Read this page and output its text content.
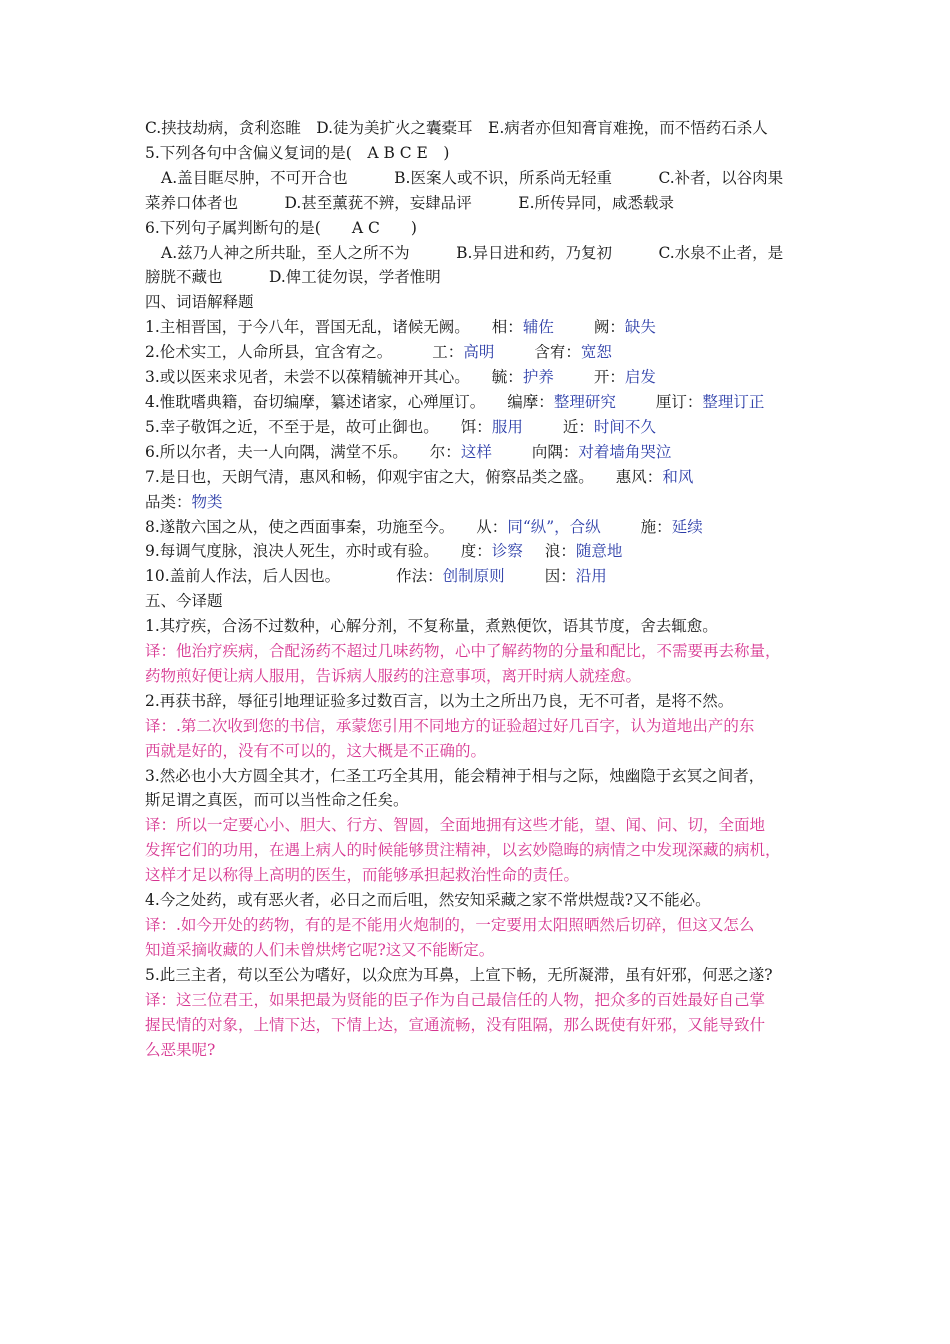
C.挟技劫病，贪利恣睢　D.徒为美扩火之囊橐耳　E.病者亦但知膏肓难挽，而不悟药石杀人
5.下列各句中含偏义复词的是(　A B C E　)
A.盖目眶尽肿，不可开合也　　　B.医案人或不识，所系尚无轻重　　　C.补者，以谷肉果
菜养口体者也　　　D.甚至薰莸不辨，妄肆品评　　　E.所传异同，咸悉载录
6.下列句子属判断句的是(　　A C　　)
A.兹乃人神之所共耻，至人之所不为　　　B.异日进和药，乃复初　　　C.水泉不止者，是
膀胱不藏也　　　D.俾工徒勿误，学者惟明
四、词语解释题
1.主相晋国，于今八年，晋国无乱，诸候无阙。 相：辅佐	阙：缺失
2.伦术实工，人命所县，宜含宥之。	工：高明	含宥：宽恕
3.或以医来求见者，未尝不以葆精毓神开其心。 毓：护养	开：启发
4.惟耽嗜典籍，奋切编摩，纂述诸家，心殚厘订。 编摩：整理研究	厘订：整理订正
5.幸子敬饵之近，不至于是，故可止御也。 饵：服用	近：时间不久
6.所以尔者，夫一人向隅，满堂不乐。 尔：这样	向隅：对着墙角哭泣
7.是日也，天朗气清，惠风和畅，仰观宇宙之大，俯察品类之盛。 惠风：和风
品类：物类
8.遂散六国之从，使之西面事秦，功施至今。 从：同“纵”，合纵	施：延续
9.每调气度脉，浪决人死生，亦时或有验。 度：诊察 浪：随意地
10.盖前人作法，后人因也。	作法：创制原则	因：沿用
五、今译题
1.其疗疾，合汤不过数种，心解分剂，不复称量，煮熟便饮，语其节度，舍去辄愈。
译：他治疗疾病，合配汤药不超过几味药物，心中了解药物的分量和配比，不需要再去称量，
药物煎好便让病人服用，告诉病人服药的注意事项，离开时病人就痊愈。
2.再获书辞，辱征引地理证验多过数百言，以为土之所出乃良，无不可者，是将不然。
译：.第二次收到您的书信，承蒙您引用不同地方的证验超过好几百字，认为道地出产的东
西就是好的，没有不可以的，这大概是不正确的。
3.然必也小大方圆全其才，仁圣工巧全其用，能会精神于相与之际，烛幽隐于玄冥之间者，
斯足谓之真医，而可以当性命之任矣。
译：所以一定要心小、胆大、行方、智圆，全面地拥有这些才能，望、闻、问、切，全面地
发挥它们的功用，在遇上病人的时候能够贯注精神，以玄妙隐晦的病情之中发现深藏的病机，
这样才足以称得上高明的医生，而能够承担起救治性命的责任。
4.今之处药，或有恶火者，必日之而后咀，然安知采藏之家不常烘煜哉?又不能必。
译：.如今开处的药物，有的是不能用火炮制的，一定要用太阳照晒然后切碎，但这又怎么
知道采摘收藏的人们未曾烘烤它呢?这又不能断定。
5.此三主者，苟以至公为嗜好，以众庶为耳鼻，上宣下畅，无所凝滞，虽有奸邪，何恶之遂?
译：这三位君王，如果把最为贤能的臣子作为自己最信任的人物，把众多的百姓最好自己掌
握民情的对象，上情下达，下情上达，宣通流畅，没有阻隔，那么既使有奸邪，又能导致什
么恶果呢?
